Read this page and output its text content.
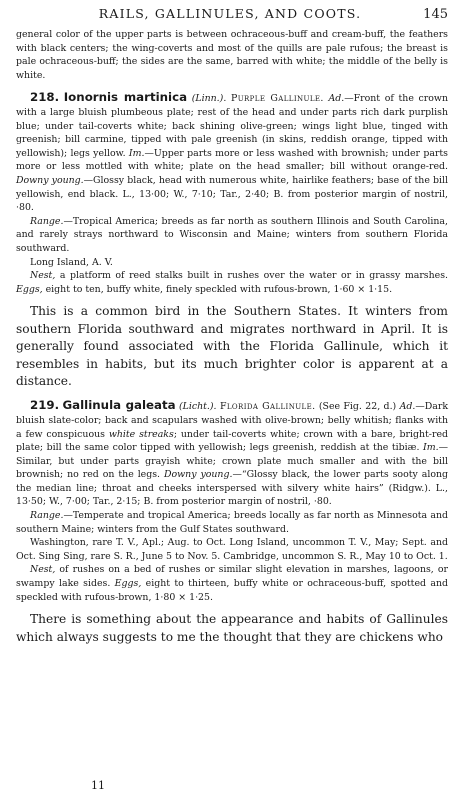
RAILS, GALLINULES, AND COOTS.	145

general color of the upper parts is between ochraceous-buff and cream-buff, the feathers with black centers; the wing-coverts and most of the quills are pale rufous; the breast is pale ochraceous-buff; the sides are the same, barred with white; the middle of the belly is white.

218. Ionornis martinica (Linn.). Purple Gallinule. Ad.—Front of the crown with a large bluish plumbeous plate; rest of the head and under parts rich dark purplish blue; under tail-coverts white; back shining olive-green; wings light blue, tinged with greenish; bill carmine, tipped with pale greenish (in skins, reddish orange, tipped with yellowish); legs yellow. Im.—Upper parts more or less washed with brownish; under parts more or less mottled with white; plate on the head smaller; bill without orange-red. Downy young.—Glossy black, head with numerous white, hairlike feathers; base of the bill yellowish, end black. L., 13·00; W., 7·10; Tar., 2·40; B. from posterior margin of nostril, ·80.

Range.—Tropical America; breeds as far north as southern Illinois and South Carolina, and rarely strays northward to Wisconsin and Maine; winters from southern Florida southward.

Long Island, A. V.

Nest, a platform of reed stalks built in rushes over the water or in grassy marshes. Eggs, eight to ten, buffy white, finely speckled with rufous-brown, 1·60 × 1·15.

This is a common bird in the Southern States. It winters from southern Florida southward and migrates northward in April. It is generally found associated with the Florida Gallinule, which it resembles in habits, but its much brighter color is apparent at a distance.

219. Gallinula galeata (Licht.). Florida Gallinule. (See Fig. 22, d.) Ad.—Dark bluish slate-color; back and scapulars washed with olive-brown; belly whitish; flanks with a few conspicuous white streaks; under tail-coverts white; crown with a bare, bright-red plate; bill the same color tipped with yellowish; legs greenish, reddish at the tibiæ. Im.—Similar, but under parts grayish white; crown plate much smaller and with the bill brownish; no red on the legs. Downy young.—“Glossy black, the lower parts sooty along the median line; throat and cheeks interspersed with silvery white hairs” (Ridgw.). L., 13·50; W., 7·00; Tar., 2·15; B. from posterior margin of nostril, ·80.

Range.—Temperate and tropical America; breeds locally as far north as Minnesota and southern Maine; winters from the Gulf States southward.

Washington, rare T. V., Apl.; Aug. to Oct. Long Island, uncommon T. V., May; Sept. and Oct. Sing Sing, rare S. R., June 5 to Nov. 5. Cambridge, uncommon S. R., May 10 to Oct. 1.

Nest, of rushes on a bed of rushes or similar slight elevation in marshes, lagoons, or swampy lake sides. Eggs, eight to thirteen, buffy white or ochraceous-buff, spotted and speckled with rufous-brown, 1·80 × 1·25.

There is something about the appearance and habits of Gallinules which always suggests to me the thought that they are chickens who

11
